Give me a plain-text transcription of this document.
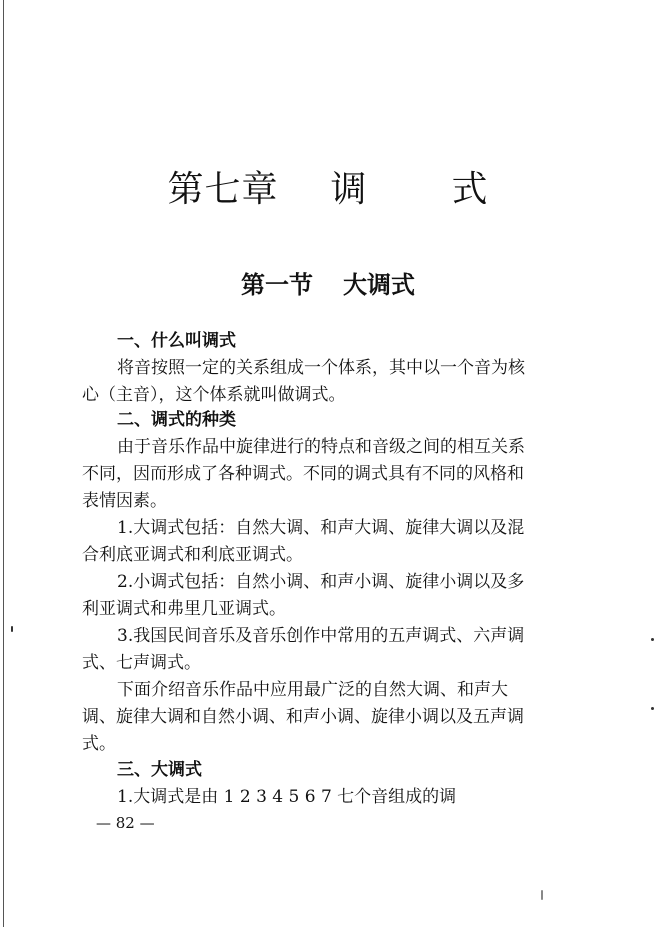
第七章 调 式
第一节 大调式
一、什么叫调式
将音按照一定的关系组成一个体系，其中以一个音为核
心（主音），这个体系就叫做调式。
二、调式的种类
由于音乐作品中旋律进行的特点和音级之间的相互关系
不同，因而形成了各种调式。不同的调式具有不同的风格和
表情因素。
1.大调式包括：自然大调、和声大调、旋律大调以及混
合利底亚调式和利底亚调式。
2.小调式包括：自然小调、和声小调、旋律小调以及多
利亚调式和弗里几亚调式。
3.我国民间音乐及音乐创作中常用的五声调式、六声调
式、七声调式。
下面介绍音乐作品中应用最广泛的自然大调、和声大
调、旋律大调和自然小调、和声小调、旋律小调以及五声调
式。
三、大调式
1.大调式是由 1 2 3 4 5 6 7 七个音组成的调
— 82 —
